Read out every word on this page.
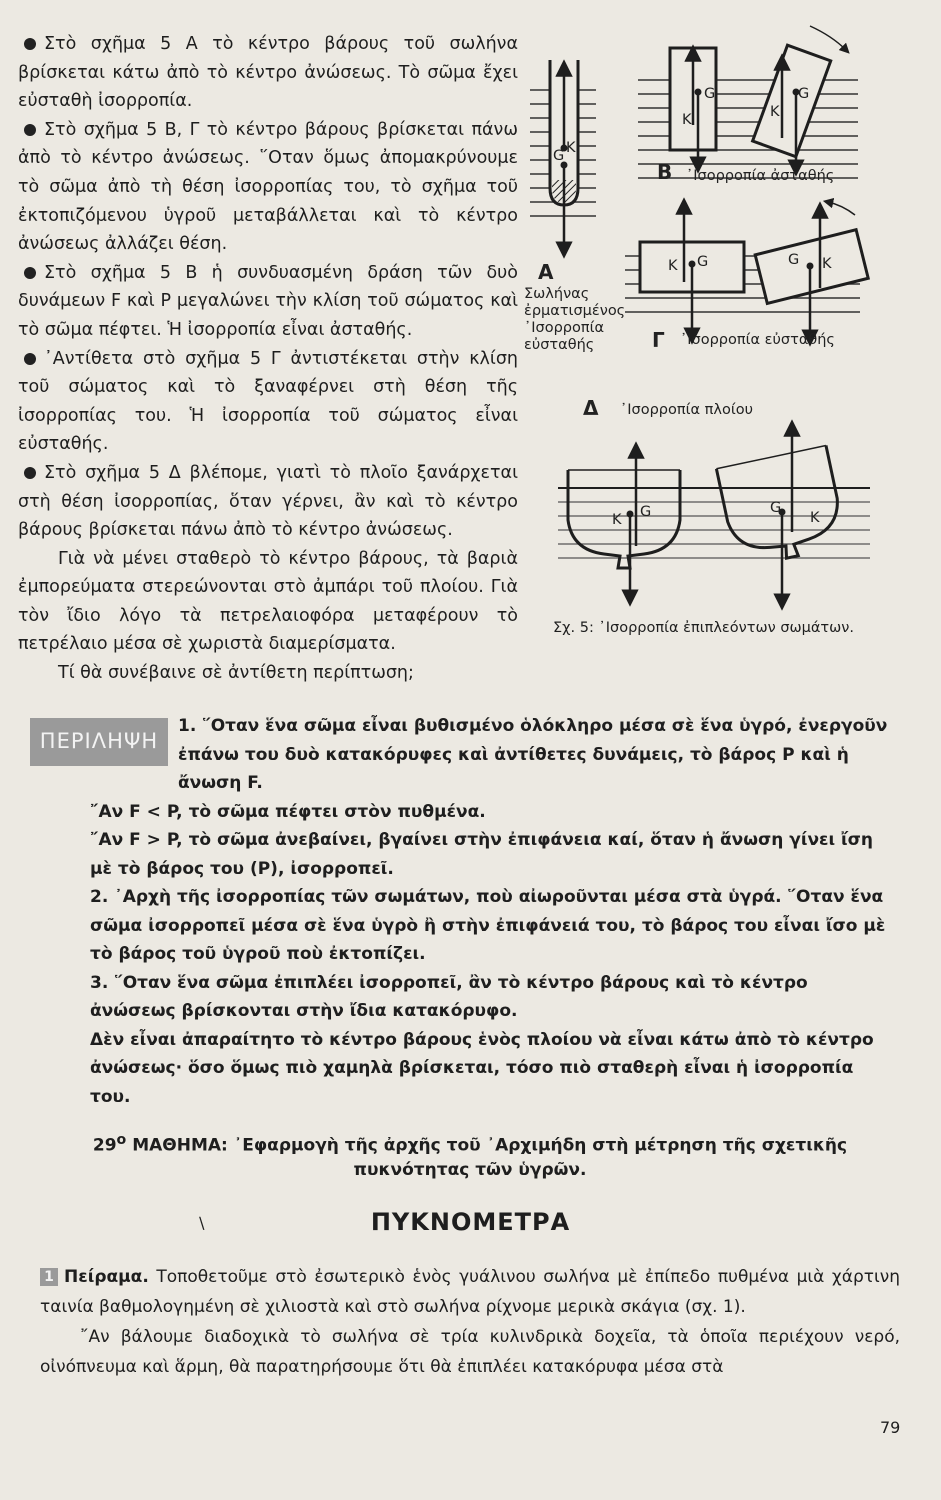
Στὸ σχῆμα 5 Α τὸ κέντρο βάρους τοῦ σωλήνα βρίσκεται κάτω ἀπὸ τὸ κέντρο ἀνώσεως. Τὸ σῶμα ἔχει εὐσταθὴ ἰσορροπία.

Στὸ σχῆμα 5 Β, Γ τὸ κέντρο βάρους βρίσκεται πάνω ἀπὸ τὸ κέντρο ἀνώσεως. ῞Οταν ὅμως ἀπομακρύνουμε τὸ σῶμα ἀπὸ τὴ θέση ἰσορροπίας του, τὸ σχῆμα τοῦ ἐκτοπιζόμενου ὑγροῦ μεταβάλλεται καὶ τὸ κέντρο ἀνώσεως ἀλλάζει θέση.

Στὸ σχῆμα 5 Β ἡ συνδυασμένη δράση τῶν δυὸ δυνάμεων F καὶ P μεγαλώνει τὴν κλίση τοῦ σώματος καὶ τὸ σῶμα πέφτει. Ἡ ἰσορροπία εἶναι ἀσταθής.

᾿Αντίθετα στὸ σχῆμα 5 Γ ἀντιστέκεται στὴν κλίση τοῦ σώματος καὶ τὸ ξαναφέρνει στὴ θέση τῆς ἰσορροπίας του. Ἡ ἰσορροπία τοῦ σώματος εἶναι εὐσταθής.

Στὸ σχῆμα 5 Δ βλέπομε, γιατὶ τὸ πλοῖο ξανάρχεται στὴ θέση ἰσορροπίας, ὅταν γέρνει, ἂν καὶ τὸ κέντρο βάρους βρίσκεται πάνω ἀπὸ τὸ κέντρο ἀνώσεως.

Γιὰ νὰ μένει σταθερὸ τὸ κέντρο βάρους, τὰ βαριὰ ἐμπορεύματα στερεώνονται στὸ ἀμπάρι τοῦ πλοίου. Γιὰ τὸν ἴδιο λόγο τὰ πετρελαιοφόρα μεταφέρουν τὸ πετρέλαιο μέσα σὲ χωριστὰ διαμερίσματα.

Τί θὰ συνέβαινε σὲ ἀντίθετη περίπτωση;

G K
Α
Σωλήνας
ἐρματισμένος
᾿Ισορροπία
εὐσταθής
G
K
G
K
Β ᾿Ισορροπία ἀσταθής
K G	G K
Γ ᾿Ισορροπία εὐσταθής
Δ ᾿Ισορροπία πλοίου
K G	G
K
Σχ. 5: ᾿Ισορροπία ἐπιπλεόντων σωμάτων.
ΠΕΡΙΛΗΨΗ

1. ῞Οταν ἕνα σῶμα εἶναι βυθισμένο ὁλόκληρο μέσα σὲ ἕνα ὑγρό, ἐνεργοῦν ἐπάνω του δυὸ κατακόρυφες καὶ ἀντίθετες δυνάμεις, τὸ βάρος P καὶ ἡ ἄνωση F.

῎Αν F < P, τὸ σῶμα πέφτει στὸν πυθμένα.

῎Αν F > P, τὸ σῶμα ἀνεβαίνει, βγαίνει στὴν ἐπιφάνεια καί, ὅταν ἡ ἄνωση γίνει ἴση μὲ τὸ βάρος του (P), ἰσορροπεῖ.

2. ᾿Αρχὴ τῆς ἰσορροπίας τῶν σωμάτων, ποὺ αἰωροῦνται μέσα στὰ ὑγρά. ῞Οταν ἕνα σῶμα ἰσορροπεῖ μέσα σὲ ἕνα ὑγρὸ ἢ στὴν ἐπιφάνειά του, τὸ βάρος του εἶναι ἴσο μὲ τὸ βάρος τοῦ ὑγροῦ ποὺ ἐκτοπίζει.

3. ῞Οταν ἕνα σῶμα ἐπιπλέει ἰσορροπεῖ, ἂν τὸ κέντρο βάρους καὶ τὸ κέντρο ἀνώσεως βρίσκονται στὴν ἴδια κατακόρυφο.

Δὲν εἶναι ἀπαραίτητο τὸ κέντρο βάρους ἑνὸς πλοίου νὰ εἶναι κάτω ἀπὸ τὸ κέντρο ἀνώσεως· ὅσο ὅμως πιὸ χαμηλὰ βρίσκεται, τόσο πιὸ σταθερὴ εἶναι ἡ ἰσορροπία του.

$29^o$ ΜΑΘΗΜΑ: ᾿Εφαρμογὴ τῆς ἀρχῆς τοῦ ᾿Αρχιμήδη στὴ μέτρηση τῆς σχετικῆς πυκνότητας τῶν ὑγρῶν.
∖	ΠΥΚΝΟΜΕΤΡΑ

1 Πείραμα. Τοποθετοῦμε στὸ ἐσωτερικὸ ἑνὸς γυάλινου σωλήνα μὲ ἐπίπεδο πυθμένα μιὰ χάρτινη ταινία βαθμολογημένη σὲ χιλιοστὰ καὶ στὸ σωλήνα ρίχνομε μερικὰ σκάγια (σχ. 1).

῎Αν βάλουμε διαδοχικὰ τὸ σωλήνα σὲ τρία κυλινδρικὰ δοχεῖα, τὰ ὁποῖα περιέχουν νερό, οἰνόπνευμα καὶ ἅρμη, θὰ παρατηρήσουμε ὅτι θὰ ἐπιπλέει κατακόρυφα μέσα στὰ

79
